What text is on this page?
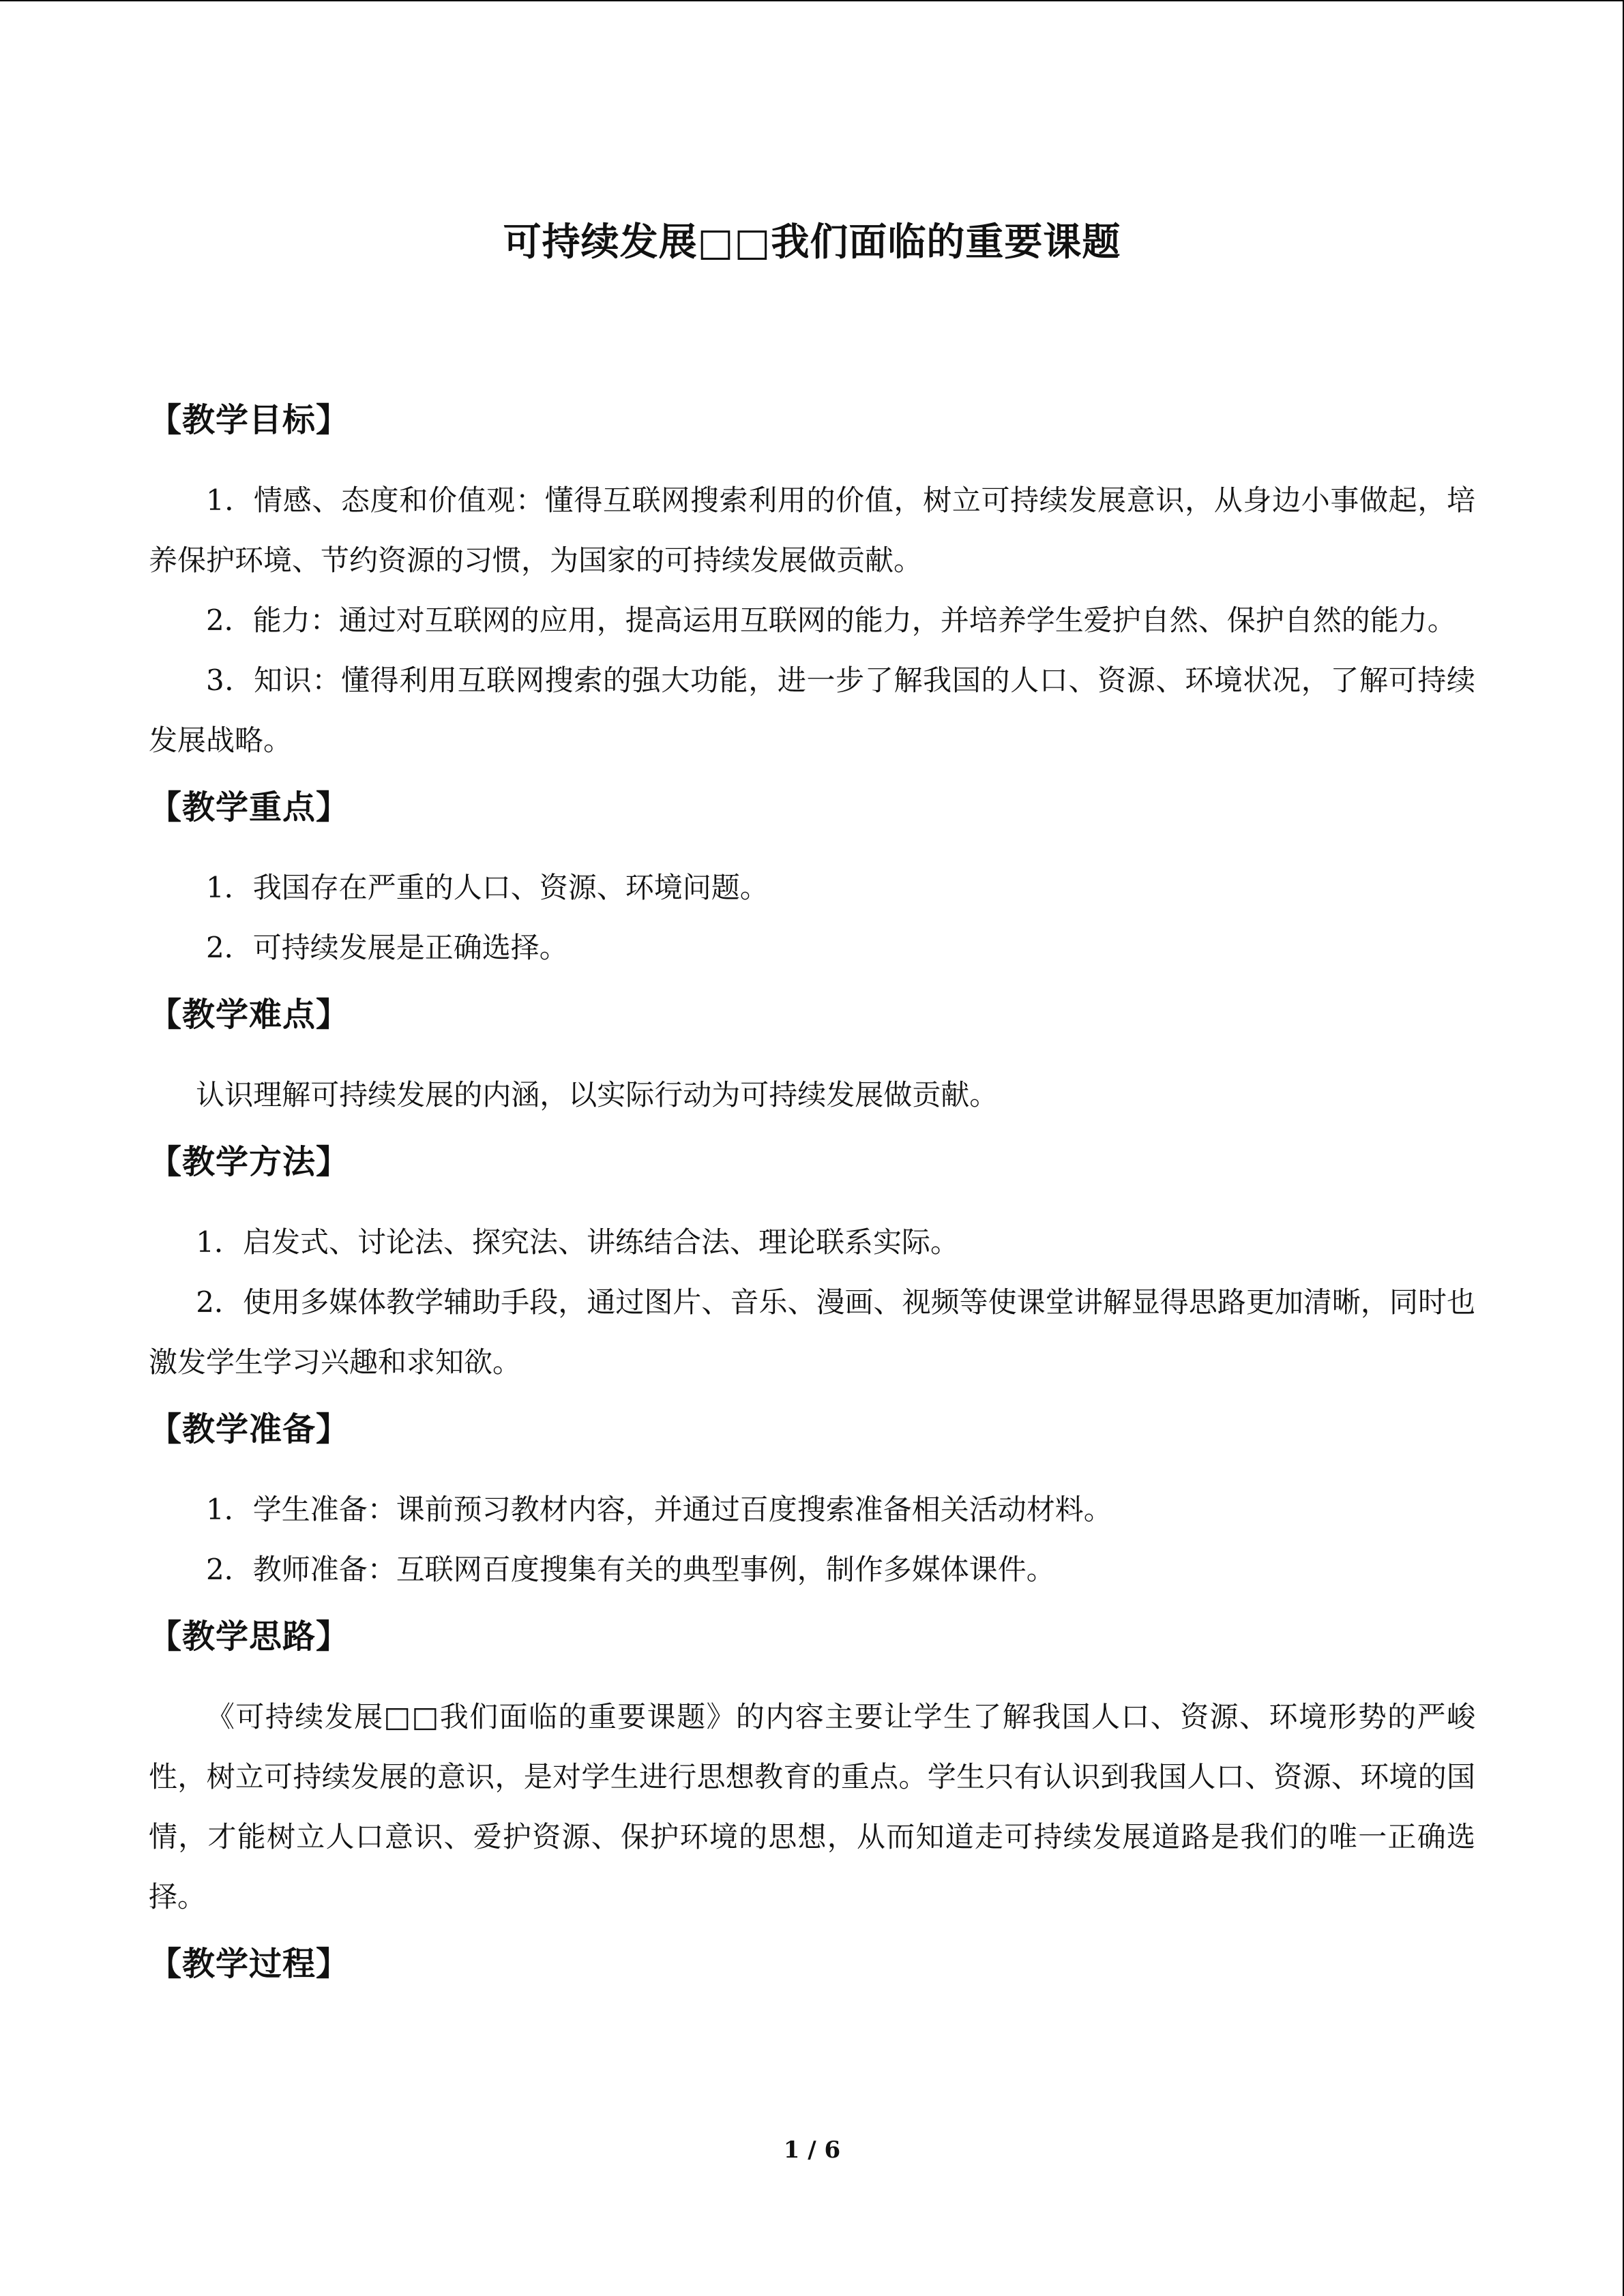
可持续发展□□我们面临的重要课题

【教学目标】

1．情感、态度和价值观：懂得互联网搜索利用的价值，树立可持续发展意识，从身边小事做起，培养保护环境、节约资源的习惯，为国家的可持续发展做贡献。

2．能力：通过对互联网的应用，提高运用互联网的能力，并培养学生爱护自然、保护自然的能力。

3．知识：懂得利用互联网搜索的强大功能，进一步了解我国的人口、资源、环境状况，了解可持续发展战略。

【教学重点】

1．我国存在严重的人口、资源、环境问题。

2．可持续发展是正确选择。

【教学难点】

认识理解可持续发展的内涵，以实际行动为可持续发展做贡献。

【教学方法】

1．启发式、讨论法、探究法、讲练结合法、理论联系实际。

2．使用多媒体教学辅助手段，通过图片、音乐、漫画、视频等使课堂讲解显得思路更加清晰，同时也激发学生学习兴趣和求知欲。

【教学准备】

1．学生准备：课前预习教材内容，并通过百度搜索准备相关活动材料。

2．教师准备：互联网百度搜集有关的典型事例，制作多媒体课件。

【教学思路】

《可持续发展□□我们面临的重要课题》的内容主要让学生了解我国人口、资源、环境形势的严峻性，树立可持续发展的意识，是对学生进行思想教育的重点。学生只有认识到我国人口、资源、环境的国情，才能树立人口意识、爱护资源、保护环境的思想，从而知道走可持续发展道路是我们的唯一正确选择。

【教学过程】

1 / 6
